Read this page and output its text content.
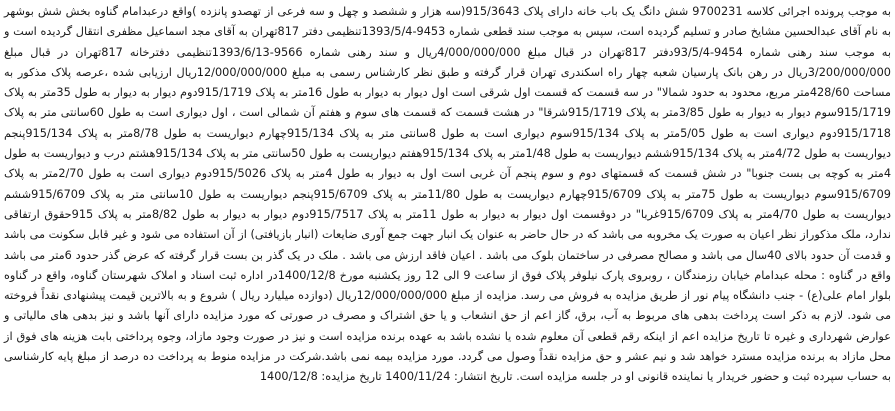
به موجب پرونده اجرائی کلاسه 9700231 شش دانگ یک باب خانه دارای پلاک 915/3643(سه هزار و ششصد و چهل و سه فرعی از تهصدو پانزده )واقع درعبدامام گناوه بخش شش بوشهر به نام آقای عبدالحسین مشایخ صادر و تسلیم گردیده است، سپس به موجب سند قطعی شماره 9453-1393/5/4تنظیمی دفتر 817تهران به آقای مجد اسماعیل مظفری انتقال گردیده است و به موجب سند رهنی شماره 9454-93/5/4دفتر 817تهران در قبال مبلغ 4/000/000/000ریال و سند رهنی شماره 9566-1393/6/13تنظیمی دفترخانه 817تهران در قبال مبلغ 3/200/000/000ریال در رهن بانک پارسیان شعبه چهار راه اسکندری تهران قرار گرفته و طبق نظر کارشناس رسمی به مبلغ 12/000/000/000ریال ارزیابی شده ،عرصه پلاک مذکور به مساحت 428/60متر مربع، محدود به حدود شمالا" در سه قسمت که قسمت اول شرقی است اول دیوار به دیوار به طول 16متر به پلاک 915/1719دوم دیوار به دیوار به طول 35متر به پلاک 915/1719سوم دیوار به دیوار به طول 3/85متر به پلاک 915/1719شرقا" در هشت قسمت که قسمت های سوم و هفتم آن شمالی است ، اول دیواری است به طول 60سانتی متر به پلاک 915/1718دوم دیواری است به طول 5/05متر به پلاک 915/134سوم دیواری است به طول 8سانتی متر به پلاک 915/134چهارم دیواریست به طول 8/78متر به پلاک 915/134پنجم دیواریست به طول 4/72متر به پلاک 915/134ششم دیواریست به طول 1/48متر به پلاک 915/134هفتم دیواریست به طول 50سانتی متر به پلاک 915/134هشتم درب و دیواریست به طول 4متر به کوچه بی بست جنوبا" در شش قسمت که قسمتهای دوم و سوم پنجم آن غربی است اول به دیوار به طول 4متر به پلاک 915/5026دوم دیواری است به طول 2/70متر به پلاک 915/6709سوم دیواریست به طول 75متر به پلاک 915/6709چهارم دیواریست به طول 11/80متر به پلاک 915/6709پنجم دیواریست به طول 10سانتی متر به پلاک 915/6709ششم دیواریست به طول 4/70متر به پلاک 915/6709غربا" در دوقسمت اول دیوار به دیوار به طول 11متر به پلاک 915/7517دوم دیوار به دیوار به طول 8/82متر به پلاک 915حقوق ارتفاقی ندارد، ملک مذکوراز نظر اعیان به صورت یک مخروبه می باشد که در حال حاضر به عنوان یک انبار جهت جمع آوری ضایعات (انبار بازیافتی) از آن استفاده می شود و غیر قابل سکونت می باشد و قدمت آن حدود بالای 40سال می باشد و مصالح مصرفی در ساختمان بلوک می باشد . اعیان فاقد ارزش می باشد . ملک در یک گذر بن بست قرار گرفته که عرض گذر حدود 6متر می باشد واقع در گناوه : محله عبدامام خیابان رزمندگان ، روبروی پارک نیلوفر پلاک فوق از ساعت 9 الی 12 روز یکشنبه مورخ 1400/12/8در اداره ثبت اسناد و املاک شهرستان گناوه، واقع در گناوه بلوار امام علی(ع) - جنب دانشگاه پیام نور از طریق مزایده به فروش می رسد. مزایده از مبلغ 12/000/000/000ریال (دوازده میلیارد ریال ) شروع و به بالاترین قیمت پیشنهادی نقداً فروخته می شود. لازم به ذکر است پرداخت بدهی های مربوط به آب، برق، گاز اعم از حق انشعاب و یا حق اشتراک و مصرف در صورتی که مورد مزایده دارای آنها باشد و نیز بدهی های مالیاتی و عوارض شهرداری و غیره تا تاریخ مزایده اعم از اینکه رقم قطعی آن معلوم شده یا نشده باشد به عهده برنده مزایده است و نیز در صورت وجود مازاد، وجوه پرداختی بابت هزینه های فوق از محل مازاد به برنده مزایده مسترد خواهد شد و نیم عشر و حق مزایده نقداً وصول می گردد. مورد مزایده بیمه نمی باشد.شرکت در مزایده منوط به پرداخت ده درصد از مبلغ پایه کارشناسی به حساب سپرده ثبت و حضور خریدار یا نماینده قانونی او در جلسه مزایده است. تاریخ انتشار: 1400/11/24 تاریخ مزایده: 1400/12/8
